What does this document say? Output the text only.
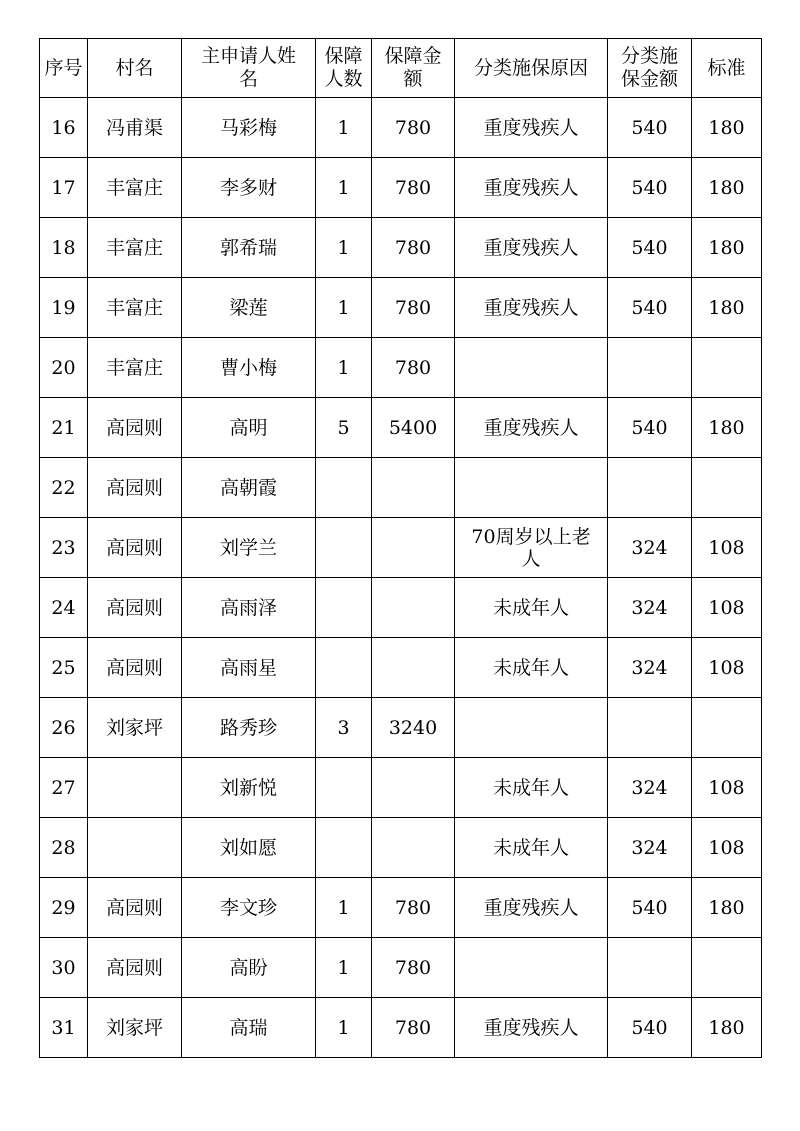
序号	村名	主申请人姓名	保障人数	保障金额	分类施保原因	分类施保金额	标准
16	冯甫渠	马彩梅	1	780	重度残疾人	540	180
17	丰富庄	李多财	1	780	重度残疾人	540	180
18	丰富庄	郭希瑞	1	780	重度残疾人	540	180
19	丰富庄	梁莲	1	780	重度残疾人	540	180
20	丰富庄	曹小梅	1	780			
21	高园则	高明	5	5400	重度残疾人	540	180
22	高园则	高朝霞					
23	高园则	刘学兰			70周岁以上老人	324	108
24	高园则	高雨泽			未成年人	324	108
25	高园则	高雨星			未成年人	324	108
26	刘家坪	路秀珍	3	3240			
27		刘新悦			未成年人	324	108
28		刘如愿			未成年人	324	108
29	高园则	李文珍	1	780	重度残疾人	540	180
30	高园则	高盼	1	780			
31	刘家坪	高瑞	1	780	重度残疾人	540	180
